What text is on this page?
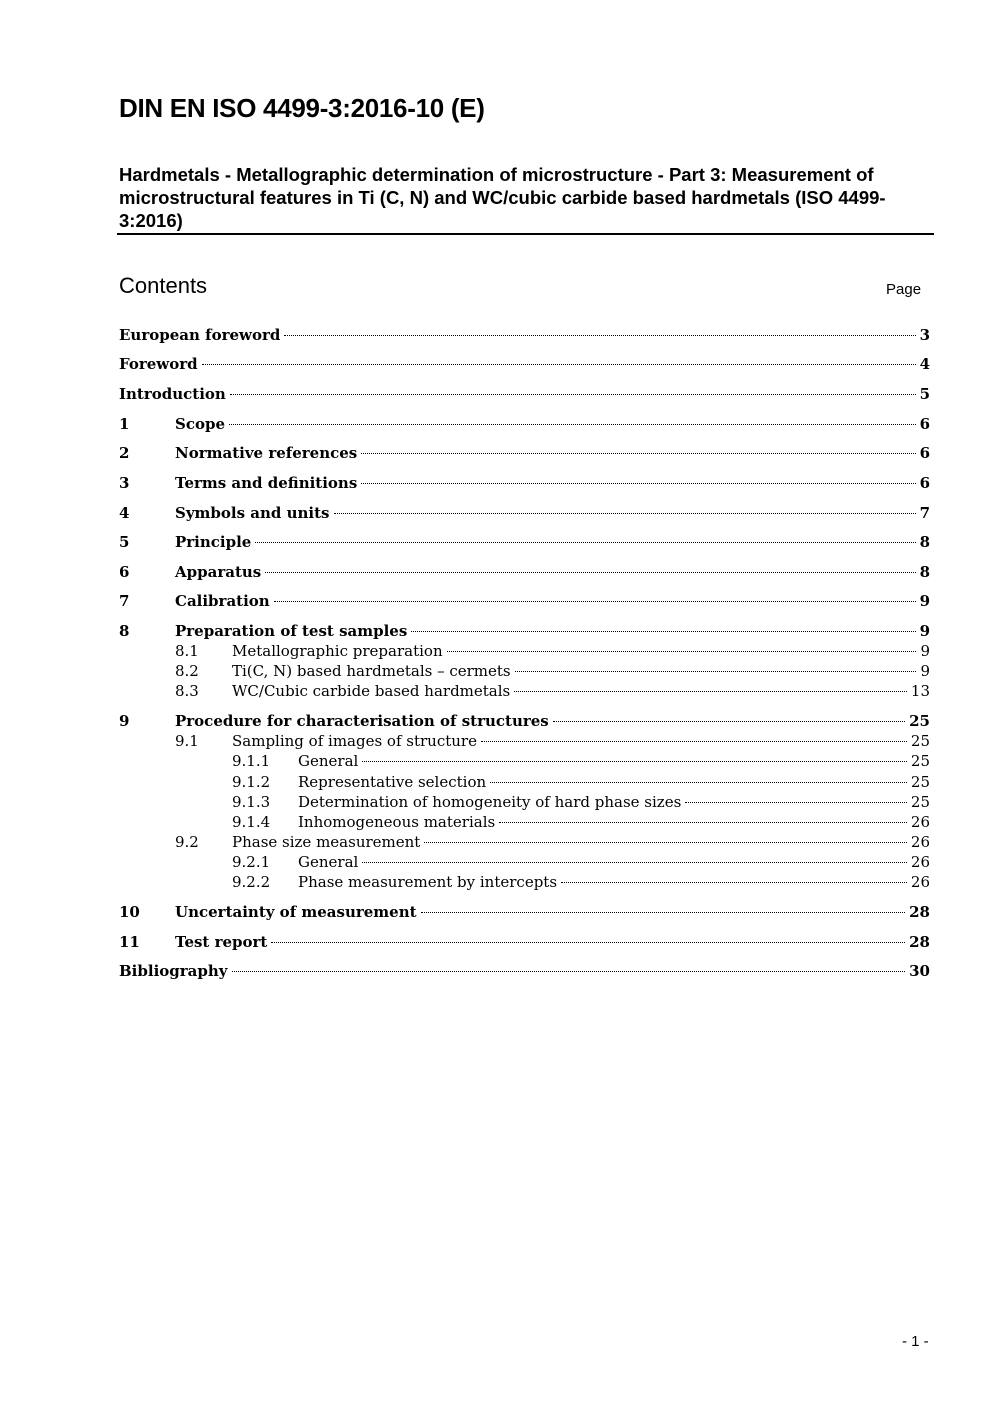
DIN EN ISO 4499-3:2016-10 (E)
Hardmetals - Metallographic determination of microstructure - Part 3: Measurement of microstructural features in Ti (C, N) and WC/cubic carbide based hardmetals (ISO 4499-3:2016)
Contents	Page
European foreword	3
Foreword	4
Introduction	5
1	Scope	6
2	Normative references	6
3	Terms and definitions	6
4	Symbols and units	7
5	Principle	8
6	Apparatus	8
7	Calibration	9
8	Preparation of test samples	9
8.1 Metallographic preparation	9
8.2 Ti(C, N) based hardmetals – cermets	9
8.3 WC/Cubic carbide based hardmetals	13
9	Procedure for characterisation of structures	25
9.1 Sampling of images of structure	25
9.1.1 General	25
9.1.2 Representative selection	25
9.1.3 Determination of homogeneity of hard phase sizes	25
9.1.4 Inhomogeneous materials	26
9.2 Phase size measurement	26
9.2.1 General	26
9.2.2 Phase measurement by intercepts	26
10 Uncertainty of measurement	28
11 Test report	28
Bibliography	30
- 1 -
